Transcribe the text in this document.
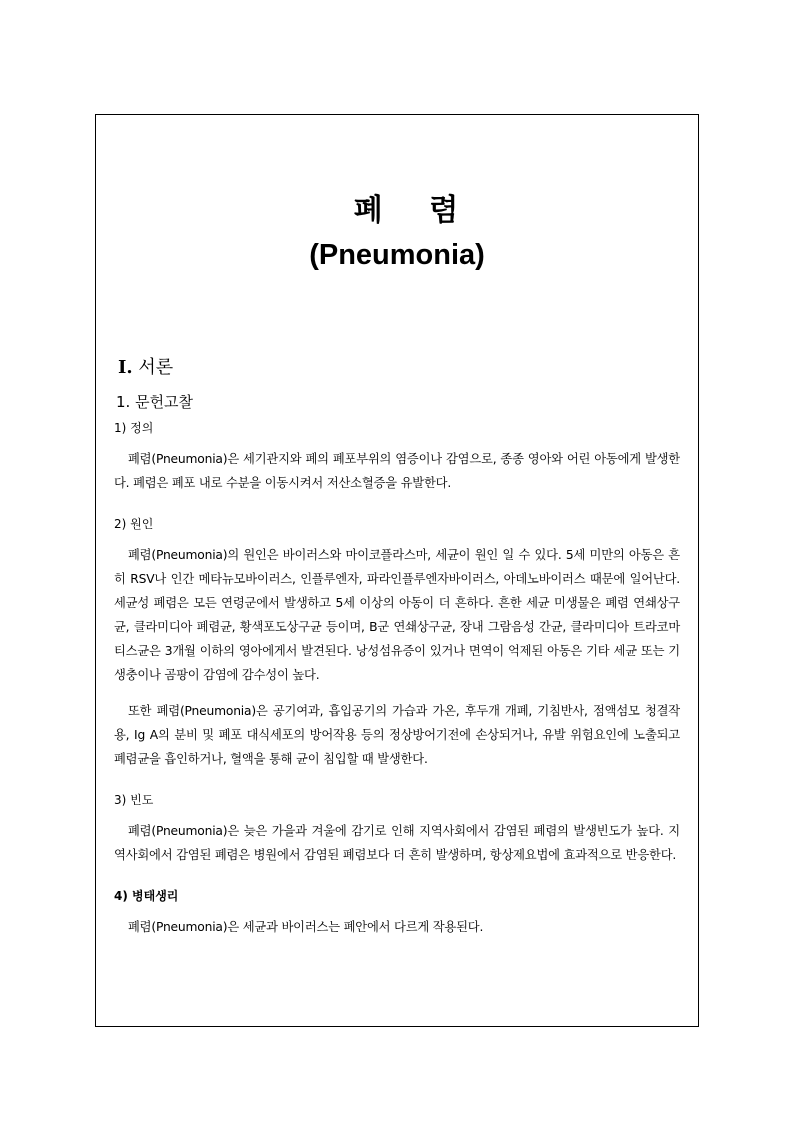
폐 렴
(Pneumonia)
Ⅰ. 서론
1. 문헌고찰
1) 정의

폐렴(Pneumonia)은 세기관지와 폐의 폐포부위의 염증이나 감염으로, 종종 영아와 어린 아동에게 발생한다. 폐렴은 폐포 내로 수분을 이동시켜서 저산소혈증을 유발한다.

2) 원인

폐렴(Pneumonia)의 원인은 바이러스와 마이코플라스마, 세균이 원인 일 수 있다. 5세 미만의 아동은 흔히 RSV나 인간 메타뉴모바이러스, 인플루엔자, 파라인플루엔자바이러스, 아데노바이러스 때문에 일어난다. 세균성 폐렴은 모든 연령군에서 발생하고 5세 이상의 아동이 더 흔하다. 흔한 세균 미생물은 폐렴 연쇄상구균, 클라미디아 폐렴균, 황색포도상구균 등이며, B군 연쇄상구균, 장내 그람음성 간균, 클라미디아 트라코마티스균은 3개월 이하의 영아에게서 발견된다. 낭성섬유증이 있거나 면역이 억제된 아동은 기타 세균 또는 기생충이나 곰팡이 감염에 감수성이 높다.

또한 폐렴(Pneumonia)은 공기여과, 흡입공기의 가습과 가온, 후두개 개폐, 기침반사, 점액섬모 청결작용, Ig A의 분비 및 폐포 대식세포의 방어작용 등의 정상방어기전에 손상되거나, 유발 위험요인에 노출되고 폐렴균을 흡인하거나, 혈액을 통해 균이 침입할 때 발생한다.

3) 빈도

폐렴(Pneumonia)은 늦은 가을과 겨울에 감기로 인해 지역사회에서 감염된 폐렴의 발생빈도가 높다. 지역사회에서 감염된 폐렴은 병원에서 감염된 폐렴보다 더 흔히 발생하며, 항상제요법에 효과적으로 반응한다.

4) 병태생리

폐렴(Pneumonia)은 세균과 바이러스는 폐안에서 다르게 작용된다.
